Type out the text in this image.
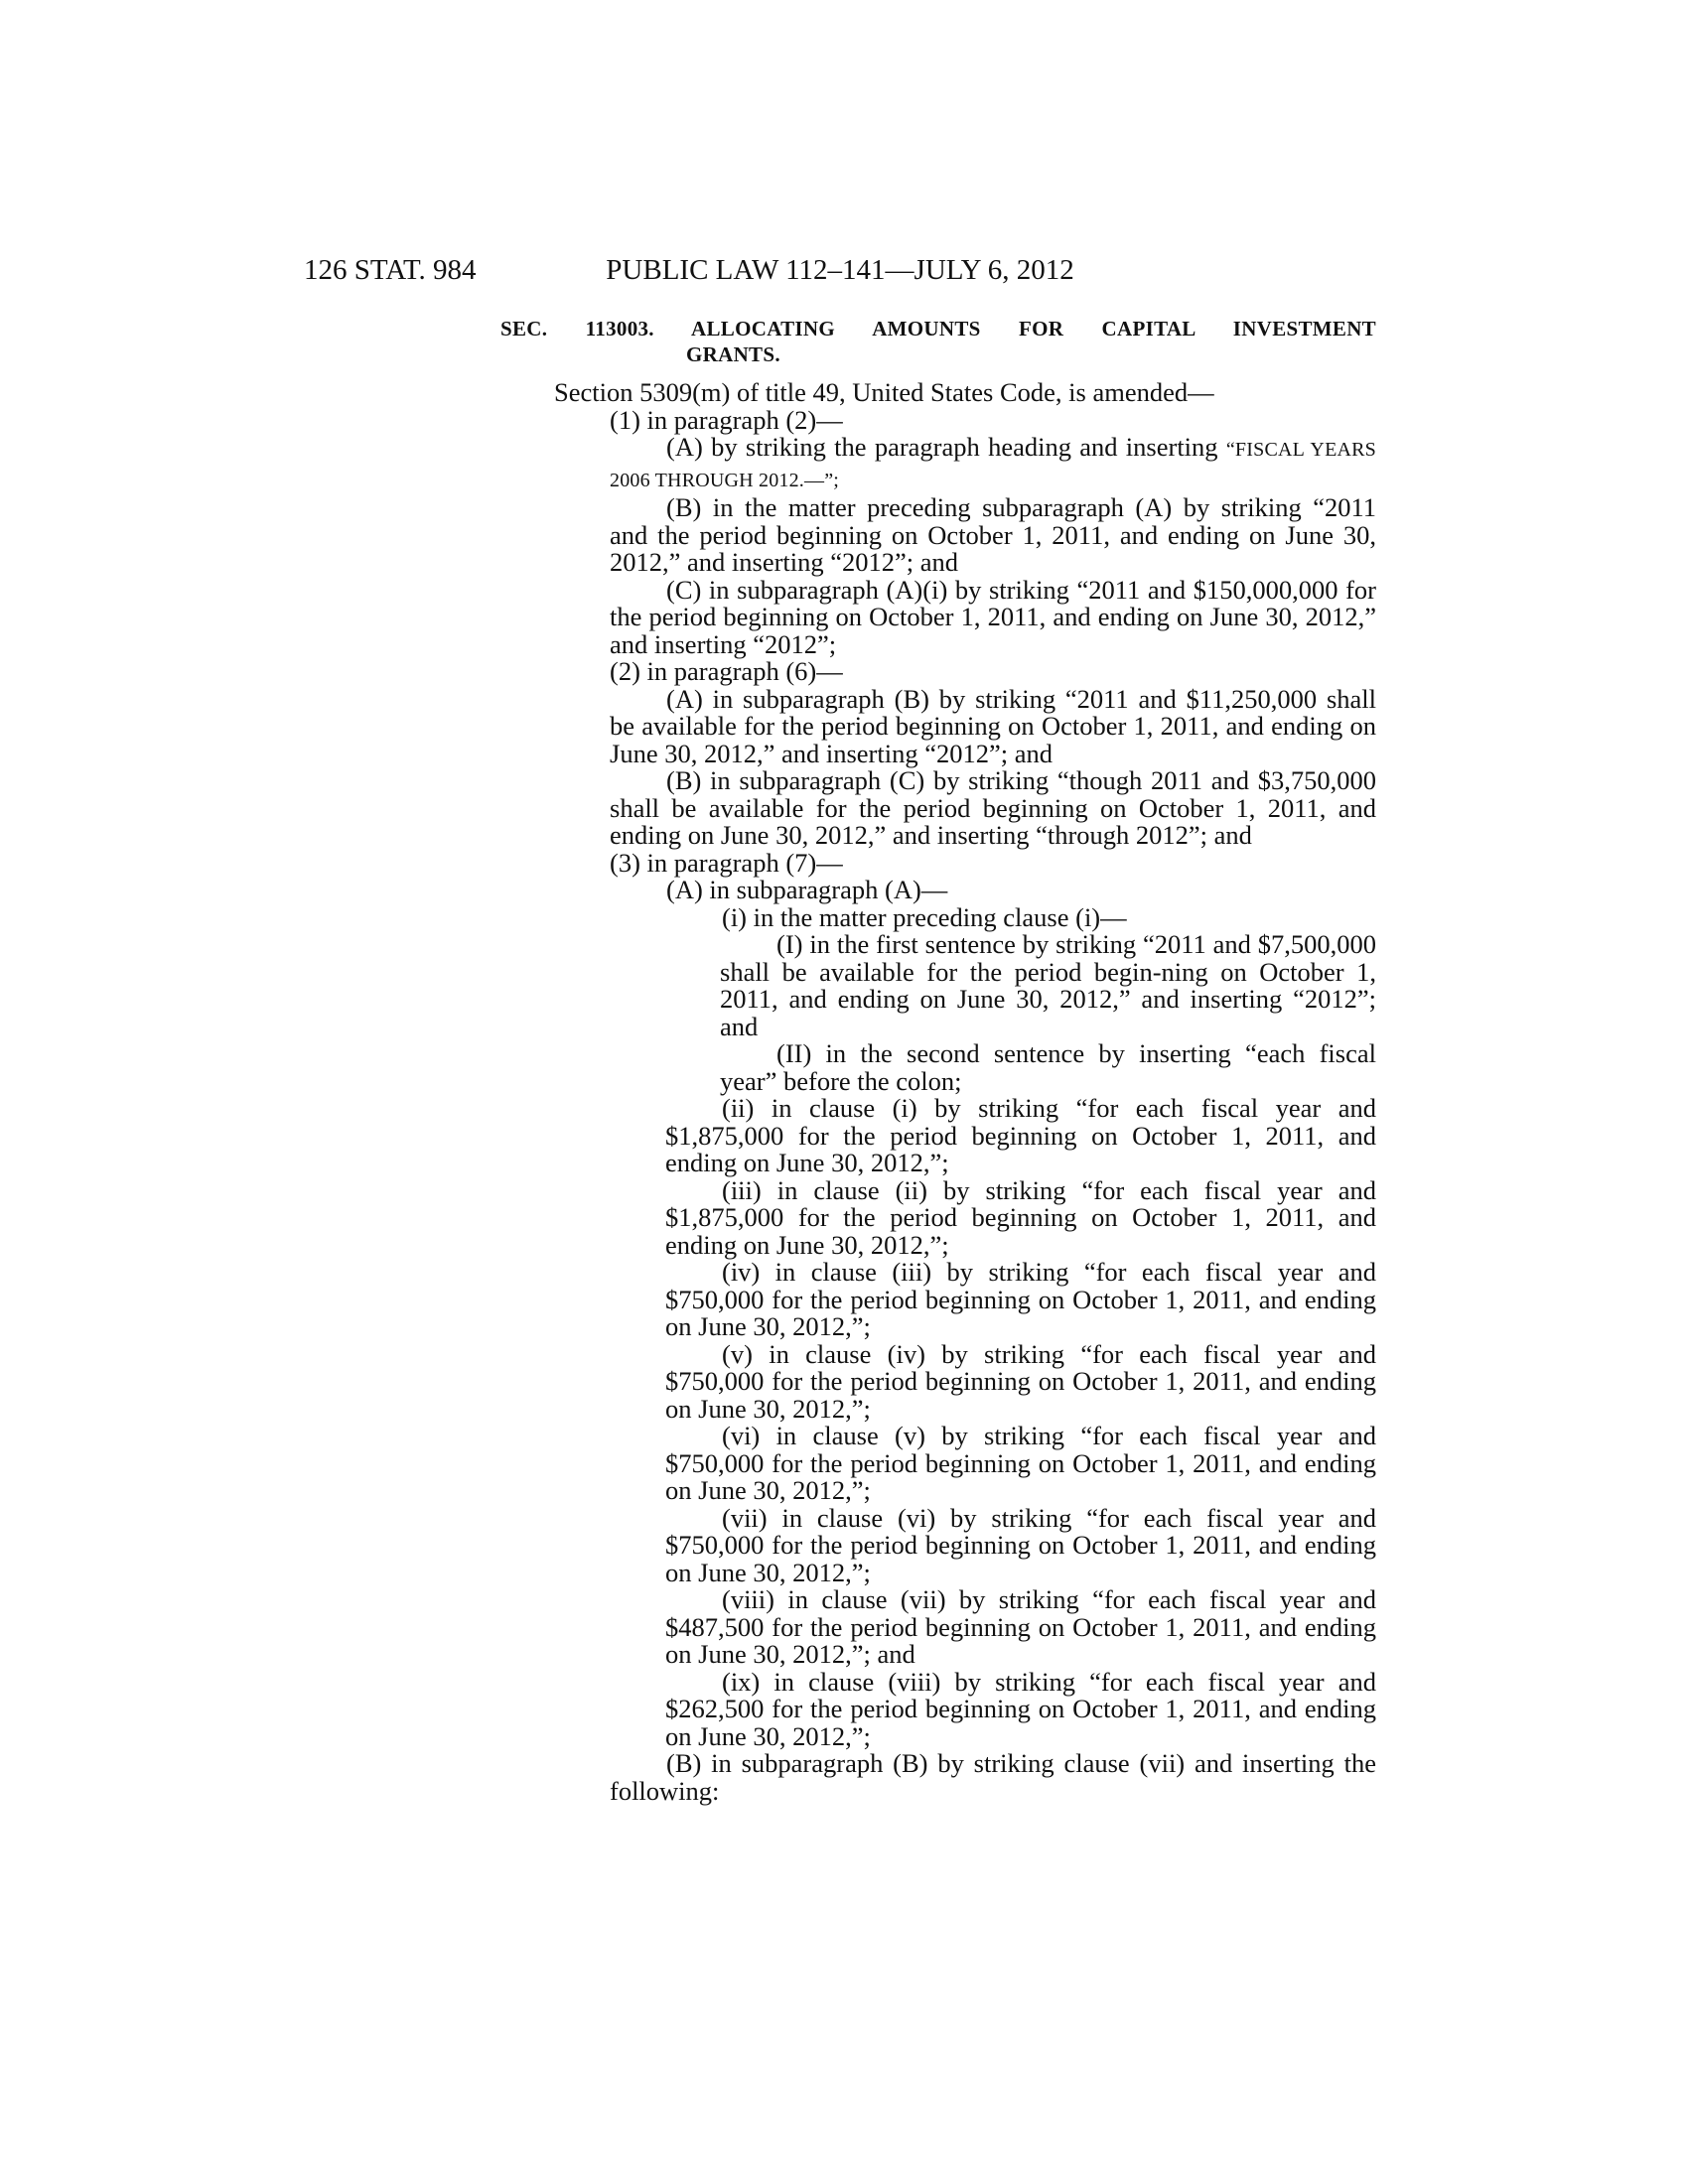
126 STAT. 984	PUBLIC LAW 112–141—JULY 6, 2012
SEC. 113003. ALLOCATING AMOUNTS FOR CAPITAL INVESTMENT
GRANTS.

Section 5309(m) of title 49, United States Code, is amended—

(1) in paragraph (2)—

(A) by striking the paragraph heading and inserting “FISCAL YEARS 2006 THROUGH 2012.—”;

(B) in the matter preceding subparagraph (A) by striking “2011 and the period beginning on October 1, 2011, and ending on June 30, 2012,” and inserting “2012”; and

(C) in subparagraph (A)(i) by striking “2011 and $150,000,000 for the period beginning on October 1, 2011, and ending on June 30, 2012,” and inserting “2012”;

(2) in paragraph (6)—

(A) in subparagraph (B) by striking “2011 and $11,250,000 shall be available for the period beginning on October 1, 2011, and ending on June 30, 2012,” and inserting “2012”; and

(B) in subparagraph (C) by striking “though 2011 and $3,750,000 shall be available for the period beginning on October 1, 2011, and ending on June 30, 2012,” and inserting “through 2012”; and

(3) in paragraph (7)—

(A) in subparagraph (A)—

(i) in the matter preceding clause (i)—

(I) in the first sentence by striking “2011 and $7,500,000 shall be available for the period begin-ning on October 1, 2011, and ending on June 30, 2012,” and inserting “2012”; and

(II) in the second sentence by inserting “each fiscal year” before the colon;

(ii) in clause (i) by striking “for each fiscal year and $1,875,000 for the period beginning on October 1, 2011, and ending on June 30, 2012,”;

(iii) in clause (ii) by striking “for each fiscal year and $1,875,000 for the period beginning on October 1, 2011, and ending on June 30, 2012,”;

(iv) in clause (iii) by striking “for each fiscal year and $750,000 for the period beginning on October 1, 2011, and ending on June 30, 2012,”;

(v) in clause (iv) by striking “for each fiscal year and $750,000 for the period beginning on October 1, 2011, and ending on June 30, 2012,”;

(vi) in clause (v) by striking “for each fiscal year and $750,000 for the period beginning on October 1, 2011, and ending on June 30, 2012,”;

(vii) in clause (vi) by striking “for each fiscal year and $750,000 for the period beginning on October 1, 2011, and ending on June 30, 2012,”;

(viii) in clause (vii) by striking “for each fiscal year and $487,500 for the period beginning on October 1, 2011, and ending on June 30, 2012,”; and

(ix) in clause (viii) by striking “for each fiscal year and $262,500 for the period beginning on October 1, 2011, and ending on June 30, 2012,”;

(B) in subparagraph (B) by striking clause (vii) and inserting the following:
